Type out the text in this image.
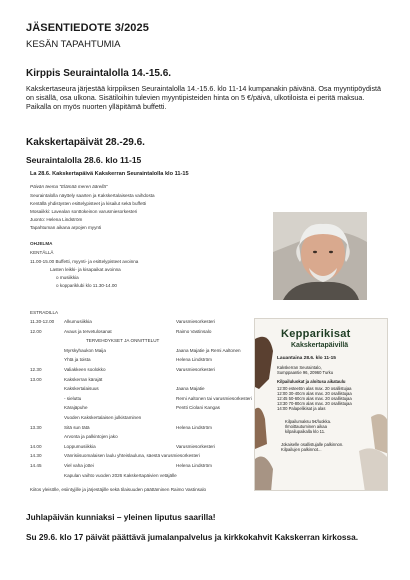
JÄSENTIEDOTE 3/2025
KESÄN TAPAHTUMIA
Kirppis Seuraintalolla 14.-15.6.
Kakskertaseura järjestää kirppiksen Seuraintalolla 14.-15.6. klo 11-14 kumpanakin päivänä. Osa myyntipöydistä on sisällä, osa ulkona. Sisätiloihin tulevien myyntipisteiden hinta on 5 €/päivä, ulkotiloista ei peritä maksua. Paikalla on myös nuorten ylläpitämä buffetti.
Kakskertapäivät 28.-29.6.
Seuraintalolla 28.6. klo 11-15
La 28.6. Kakskertapäivä Kakskerran Seuraintalolla klo 11-15
Päivän teema "Elämää meren äärellä"
Seuraintalolla näyttely saarten ja Kakskertalaisesta vaihdosta
Kentällä yhdistysten esittelypisteet ja kisailut sekä buffetti
Mosaiikki: Lavealan sonttokeinon varusmiesorkesteri
Juonto: Helena Lindström
Tapahtuman aikana arpojen myynti
OHJELMA
KENTÄLLÄ
11.00-15.00 Buffetti, myynti- ja esittelypisteet avoinna
Lasten leikki- ja kisapaikat avoinna
o musiikkia
o koppariklubi klo 11.30-14.00
ESTRADILLA
11.30-12.00 Alkumusiikkia	Varusmiesorkesteri
12.00	Avaus ja tervetulosanat	Raimo Vastinsalo
TERVEHDYKSET JA ONNITTELUT
Myrskyhaukon Maija	Jaana Majatie ja Remi Aaltonen
Yhtä ja toista	Helena Lindström
12.30	Valiakkeen soolokko	Varusmiesorkesteri
13.00	Kakskerran kärajät
Kakskertalaisuus	Jaana Majatie
- sieluttu	Remi Aaltonen tai varusmiesorkesteri
Kärajäpuhe	Pentti Ciolani Kangas
Vuoden Kakskertalaisen julkistaminen
13.30	Sitä sun tätä	Helena Lindström
Arvonta ja palkintojen jako
14.00	Loppumusiikkia	Varusmiesorkesteri
14.30	Vänrisiisuomalaisen laulu yhteislauluna, säestä varusmiesorkesteri
14.45	Viel vaha jottei	Helena Lindström
Kapulan vaihto vuoden 2026 Kakskertapäivien vetäjälle
Kiitos yleisölle, esiintyjille ja järjestäjille sekä tilaisuuden päättäminen Raimo Vastinsalo
Kepparikisat
Kakskertapäivillä
Lauantaina 28.6. klo 11-15
Kakskerran Seuraintalo,
Sumppaantie 96, 20960 Turku
Kilpailuluokat ja aloitusa aikataulu
12:00 esteetön alas max. 20 osallistujaa
12:00 30-40cm alas max. 20 osallistujaa
12:45 50-60cm alas max. 20 osallistujaa
13:30 70-80cm alas max. 20 osallistujaa
14:00 Palapelikisat ja alas
Kilpailumaksu 5€/luokka.
Ilmoittautuminen aikaa
kilpailupaikalla klo 11.
Jokaiselle osallistujalle palkinnon.
Kilpailujen palkinnot...
Juhlapäivän kunniaksi – yleinen liputus saarilla!
Su 29.6. klo 17 päivät päättävä jumalanpalvelus ja kirkkokahvit Kakskerran kirkossa.
